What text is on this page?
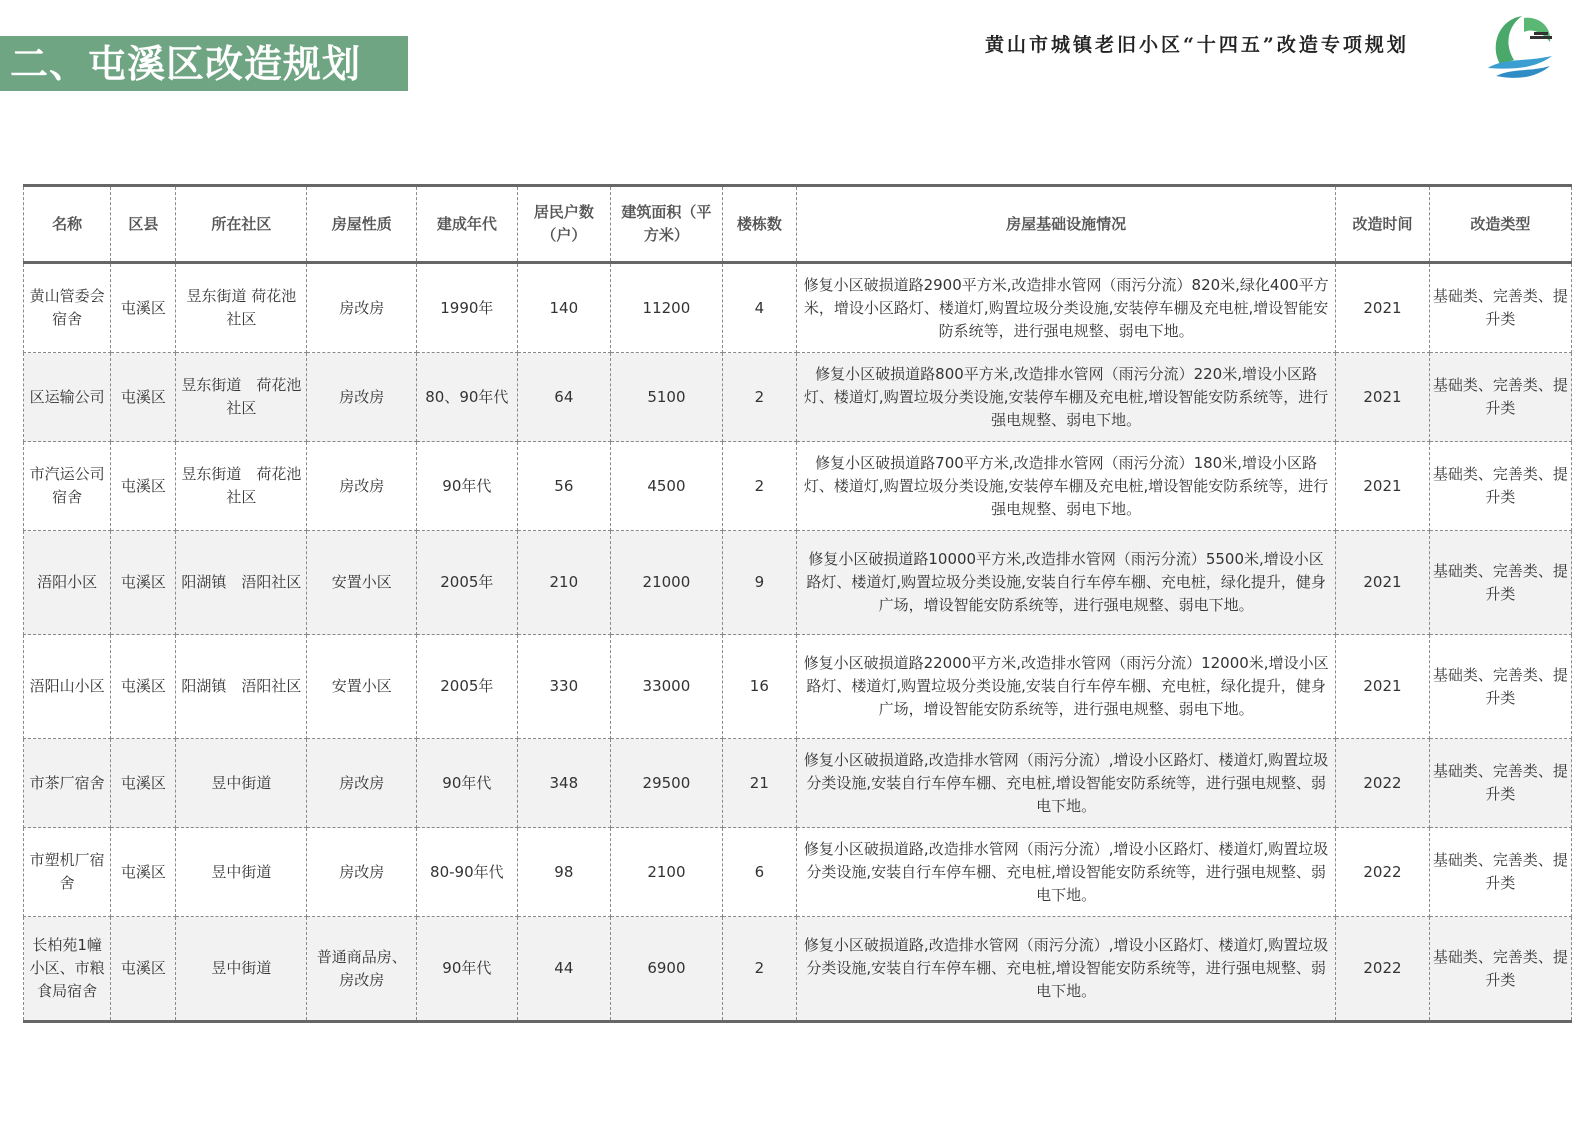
二、屯溪区改造规划	黄山市城镇老旧小区“十四五”改造专项规划
名称	区县	所在社区	房屋性质	建成年代	居民户数（户）	建筑面积（平方米）	楼栋数	房屋基础设施情况	改造时间	改造类型
黄山管委会宿舍	屯溪区	昱东街道 荷花池社区	房改房	1990年	140	11200	4	修复小区破损道路2900平方米,改造排水管网（雨污分流）820米,绿化400平方米，增设小区路灯、楼道灯,购置垃圾分类设施,安装停车棚及充电桩,增设智能安防系统等，进行强电规整、弱电下地。	2021	基础类、完善类、提升类
区运输公司	屯溪区	昱东街道　荷花池社区	房改房	80、90年代	64	5100	2	修复小区破损道路800平方米,改造排水管网（雨污分流）220米,增设小区路灯、楼道灯,购置垃圾分类设施,安装停车棚及充电桩,增设智能安防系统等，进行强电规整、弱电下地。	2021	基础类、完善类、提升类
市汽运公司宿舍	屯溪区	昱东街道　荷花池社区	房改房	90年代	56	4500	2	修复小区破损道路700平方米,改造排水管网（雨污分流）180米,增设小区路灯、楼道灯,购置垃圾分类设施,安装停车棚及充电桩,增设智能安防系统等，进行强电规整、弱电下地。	2021	基础类、完善类、提升类
浯阳小区	屯溪区	阳湖镇　浯阳社区	安置小区	2005年	210	21000	9	修复小区破损道路10000平方米,改造排水管网（雨污分流）5500米,增设小区路灯、楼道灯,购置垃圾分类设施,安装自行车停车棚、充电桩，绿化提升，健身广场，增设智能安防系统等，进行强电规整、弱电下地。	2021	基础类、完善类、提升类
浯阳山小区	屯溪区	阳湖镇　浯阳社区	安置小区	2005年	330	33000	16	修复小区破损道路22000平方米,改造排水管网（雨污分流）12000米,增设小区路灯、楼道灯,购置垃圾分类设施,安装自行车停车棚、充电桩，绿化提升，健身广场，增设智能安防系统等，进行强电规整、弱电下地。	2021	基础类、完善类、提升类
市茶厂宿舍	屯溪区	昱中街道	房改房	90年代	348	29500	21	修复小区破损道路,改造排水管网（雨污分流）,增设小区路灯、楼道灯,购置垃圾分类设施,安装自行车停车棚、充电桩,增设智能安防系统等，进行强电规整、弱电下地。	2022	基础类、完善类、提升类
市塑机厂宿舍	屯溪区	昱中街道	房改房	80-90年代	98	2100	6	修复小区破损道路,改造排水管网（雨污分流）,增设小区路灯、楼道灯,购置垃圾分类设施,安装自行车停车棚、充电桩,增设智能安防系统等，进行强电规整、弱电下地。	2022	基础类、完善类、提升类
长柏苑1幢小区、市粮食局宿舍	屯溪区	昱中街道	普通商品房、房改房	90年代	44	6900	2	修复小区破损道路,改造排水管网（雨污分流）,增设小区路灯、楼道灯,购置垃圾分类设施,安装自行车停车棚、充电桩,增设智能安防系统等，进行强电规整、弱电下地。	2022	基础类、完善类、提升类
